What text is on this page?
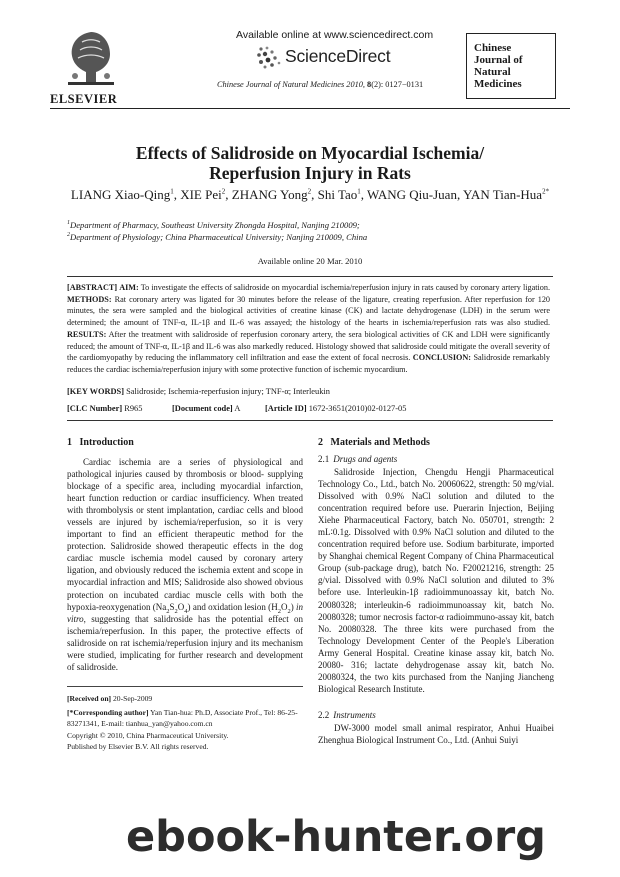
ELSEVIER
Available online at www.sciencedirect.com
ScienceDirect
Chinese Journal of Natural Medicines 2010, 8(2): 0127−0131
Chinese
Journal of
Natural
Medicines
Effects of Salidroside on Myocardial Ischemia/
Reperfusion Injury in Rats
LIANG Xiao-Qing$^1$, XIE Pei$^2$, ZHANG Yong$^2$, Shi Tao$^1$, WANG Qiu-Juan, YAN Tian-Hua$^{2*}$
$^1$Department of Pharmacy, Southeast University Zhongda Hospital, Nanjing 210009;
$^2$Department of Physiology; China Pharmaceutical University; Nanjing 210009, China
Available online 20 Mar. 2010
[ABSTRACT] AIM: To investigate the effects of salidroside on myocardial ischemia/reperfusion injury in rats caused by coronary artery ligation. METHODS: Rat coronary artery was ligated for 30 minutes before the release of the ligature, creating reperfusion. After reperfusion for 120 minutes, the sera were sampled and the biological activities of creatine kinase (CK) and lactate dehydrogenase (LDH) in the serum were determined; the amount of TNF-α, IL-1β and IL-6 was assayed; the histology of the hearts in ischemia/reperfusion rats was also studied. RESULTS: After the treatment with salidroside of reperfusion coronary artery, the sera biological activities of CK and LDH were significantly reduced; the amount of TNF-α, IL-1β and IL-6 was also markedly reduced. Histology showed that salidroside could mitigate the overall severity of the cardiomyopathy by reducing the inflammatory cell infiltration and ease the extent of focal necrosis. CONCLUSION: Salidroside remarkably reduces the cardiac ischemia/reperfusion injury with some protective function of ischemic myocardium.
[KEY WORDS] Salidroside; Ischemia-reperfusion injury; TNF-α; Interleukin
[CLC Number] R965	[Document code] A	[Article ID] 1672-3651(2010)02-0127-05
1 Introduction

Cardiac ischemia are a series of physiological and pathological injuries caused by thrombosis or blood- supplying blockage of a specific area, including myocardial infarction, heart function reduction or cardiac insufficiency. When treated with thrombolysis or stent implantation, cardiac cells and blood vessels are injured by ischemia/reperfusion, so it is very important to find an efficient therapeutic method for the protection. Salidroside showed therapeutic effects in the dog cardiac muscle ischemia model caused by coronary artery ligation, and obviously reduced the ischemia extent and scope in myocardial infraction and MIS; Salidroside also showed obvious protection on incubated cardiac muscle cells with both the hypoxia-reoxygenation $(Na_2S_2O_4)$ and oxidation lesion $(H_2O_2)$ in vitro, suggesting that salidroside has the potential effect on ischemia/reperfusion. In this paper, the protective effects of salidroside on rat ischemia/reperfusion injury and its mechanism were studied, implicating for further research and development of salidroside.

[Received on] 20-Sep-2009
[*Corresponding author] Yan Tian-hua: Ph.D, Associate Prof., Tel: 86-25-83271341, E-mail: tianhua_yan@yahoo.com.cn
Copyright © 2010, China Pharmaceutical University.
Published by Elsevier B.V. All rights reserved.
2 Materials and Methods
2.1 Drugs and agents

Salidroside Injection, Chengdu Hengji Pharmaceutical Technology Co., Ltd., batch No. 20060622, strength: 50 mg/vial. Dissolved with 0.9% NaCl solution and diluted to the concentration required before use. Puerarin Injection, Beijing Xiehe Pharmaceutical Factory, batch No. 050701, strength: 2 mL∶0.1g. Dissolved with 0.9% NaCl solution and diluted to the concentration required before use. Sodium barbiturate, imported by Shanghai chemical Regent Company of China Pharmaceutical Group (sub-package drug), batch No. F20021216, strength: 25 g/vial. Dissolved with 0.9% NaCl solution and diluted to 3% before use. Interleukin-1β radioimmunoassay kit, batch No. 20080328; interleukin-6 radioimmunoassay kit, batch No. 20080328; tumor necrosis factor-α radioimmuno-assay kit, batch No. 20080328. The three kits were purchased from the Technology Development Center of the People's Liberation Army General Hospital. Creatine kinase assay kit, batch No. 20080- 316; lactate dehydrogenase assay kit, batch No. 20080324, the two kits purchased from the Nanjing Jiancheng Biological Research Institute.

2.2 Instruments

DW-3000 model small animal respirator, Anhui Huaibei Zhenghua Biological Instrument Co., Ltd. (Anhui Suiyi

ebook-hunter.org
